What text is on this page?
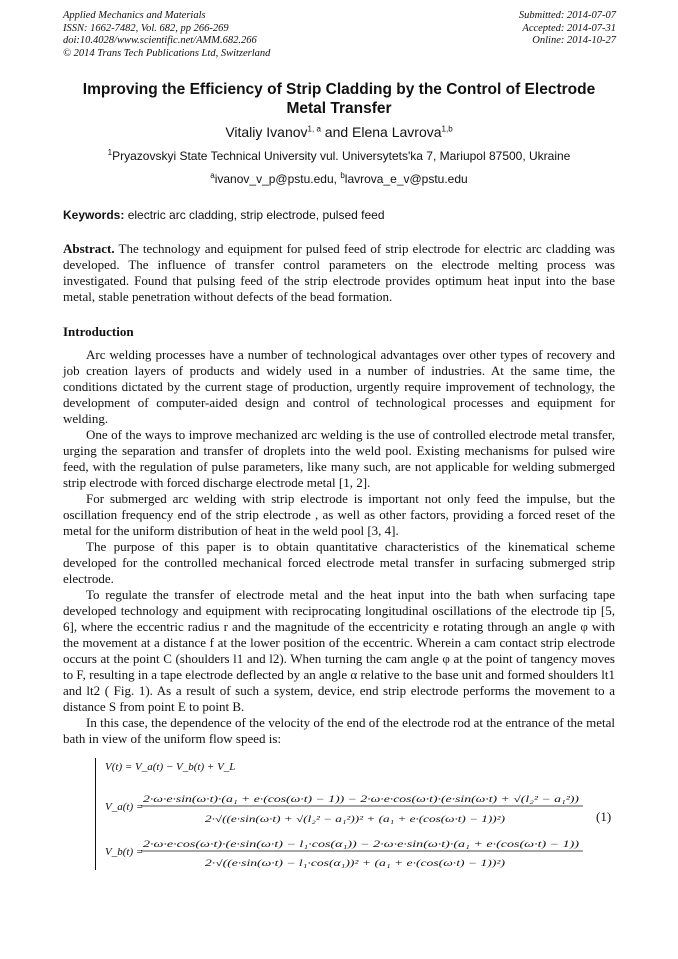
Applied Mechanics and Materials
ISSN: 1662-7482, Vol. 682, pp 266-269
doi:10.4028/www.scientific.net/AMM.682.266
© 2014 Trans Tech Publications Ltd, Switzerland
Submitted: 2014-07-07
Accepted: 2014-07-31
Online: 2014-10-27
Improving the Efficiency of Strip Cladding by the Control of Electrode Metal Transfer
Vitaliy Ivanov$^{1, a}$ and Elena Lavrova$^{1,b}$
$^1$Pryazovskyi State Technical University vul. Universytets'ka 7, Mariupol 87500, Ukraine
$^a$ivanov_v_p@pstu.edu, $^b$lavrova_e_v@pstu.edu
Keywords: electric arc cladding, strip electrode, pulsed feed
Abstract. The technology and equipment for pulsed feed of strip electrode for electric arc cladding was developed. The influence of transfer control parameters on the electrode melting process was investigated. Found that pulsing feed of the strip electrode provides optimum heat input into the base metal, stable penetration without defects of the bead formation.
Introduction

Arc welding processes have a number of technological advantages over other types of recovery and job creation layers of products and widely used in a number of industries. At the same time, the conditions dictated by the current stage of production, urgently require improvement of technology, the development of computer-aided design and control of technological processes and equipment for welding.

One of the ways to improve mechanized arc welding is the use of controlled electrode metal transfer, urging the separation and transfer of droplets into the weld pool. Existing mechanisms for pulsed wire feed, with the regulation of pulse parameters, like many such, are not applicable for welding submerged strip electrode with forced discharge electrode metal [1, 2].

For submerged arc welding with strip electrode is important not only feed the impulse, but the oscillation frequency end of the strip electrode , as well as other factors, providing a forced reset of the metal for the uniform distribution of heat in the weld pool [3, 4].

The purpose of this paper is to obtain quantitative characteristics of the kinematical scheme developed for the controlled mechanical forced electrode metal transfer in surfacing submerged strip electrode.

To regulate the transfer of electrode metal and the heat input into the bath when surfacing tape developed technology and equipment with reciprocating longitudinal oscillations of the electrode tip [5, 6], where the eccentric radius r and the magnitude of the eccentricity e rotating through an angle φ with the movement at a distance f at the lower position of the eccentric. Wherein a cam contact strip electrode occurs at the point C (shoulders l1 and l2). When turning the cam angle φ at the point of tangency moves to F, resulting in a tape electrode deflected by an angle α relative to the base unit and formed shoulders lt1 and lt2 ( Fig. 1). As a result of such a system, device, end strip electrode performs the movement to a distance S from point E to point B.

In this case, the dependence of the velocity of the end of the electrode rod at the entrance of the metal bath in view of the uniform flow speed is:

V(t) = V_a(t) − V_b(t) + V_L
V_a(t) =
2·ω·e·sin(ω·t)·(a₁ + e·(cos(ω·t) − 1)) − 2·ω·e·cos(ω·t)·(e·sin(ω·t) + √(l₂² − a₁²))
2·√((e·sin(ω·t) + √(l₂² − a₁²))² + (a₁ + e·(cos(ω·t) − 1))²)
V_b(t) =
2·ω·e·cos(ω·t)·(e·sin(ω·t) − l₁·cos(α₁)) − 2·ω·e·sin(ω·t)·(a₁ + e·(cos(ω·t) − 1))
2·√((e·sin(ω·t) − l₁·cos(α₁))² + (a₁ + e·(cos(ω·t) − 1))²)
(1)
